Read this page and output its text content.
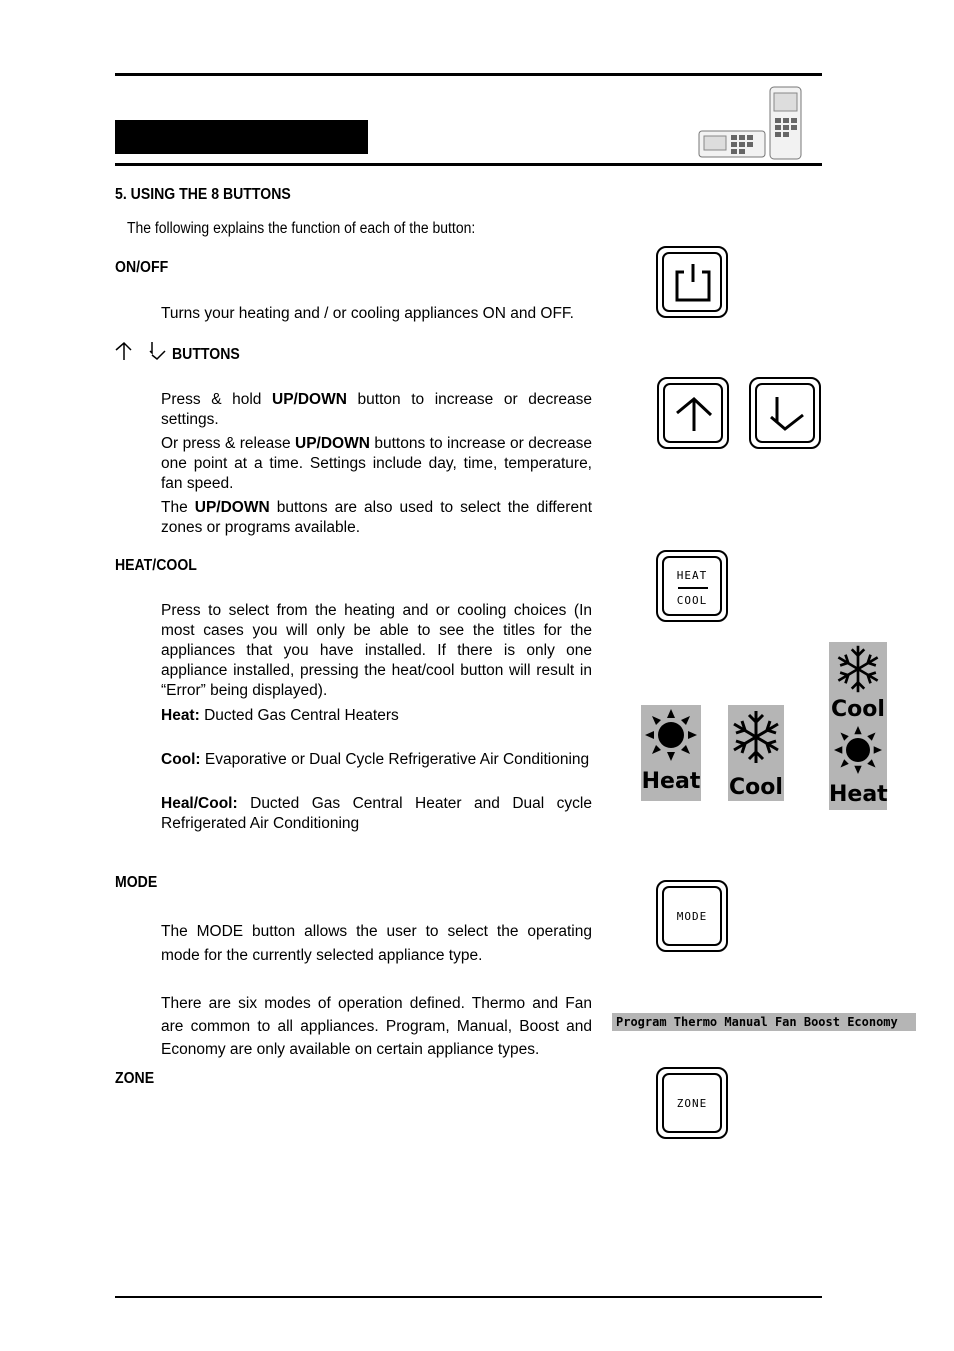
5. USING THE 8 BUTTONS
The following explains the function of each of the button:
ON/OFF
Turns your heating and / or cooling appliances ON and OFF.
BUTTONS
Press & hold UP/DOWN button to increase or decrease settings.
Or press & release UP/DOWN buttons to increase or decrease one point at a time. Settings include day, time, temperature, fan speed.
The UP/DOWN buttons are also used to select the different zones or programs available.
HEAT/COOL
Press to select from the heating and or cooling choices (In most cases you will only be able to see the titles for the appliances that you have installed. If there is only one appliance installed, pressing the heat/cool button will result in “Error” being displayed).
Heat: Ducted Gas Central Heaters
Cool: Evaporative or Dual Cycle Refrigerative Air Conditioning
Heal/Cool: Ducted Gas Central Heater and Dual cycle Refrigerated Air Conditioning
HEAT
COOL
Heat Cool
Cool
Heat
MODE
The MODE button allows the user to select the operating mode for the currently selected appliance type.
There are six modes of operation defined. Thermo and Fan are common to all appliances. Program, Manual, Boost and Economy are only available on certain appliance types.
MODE
Program Thermo Manual Fan Boost Economy
ZONE
ZONE
